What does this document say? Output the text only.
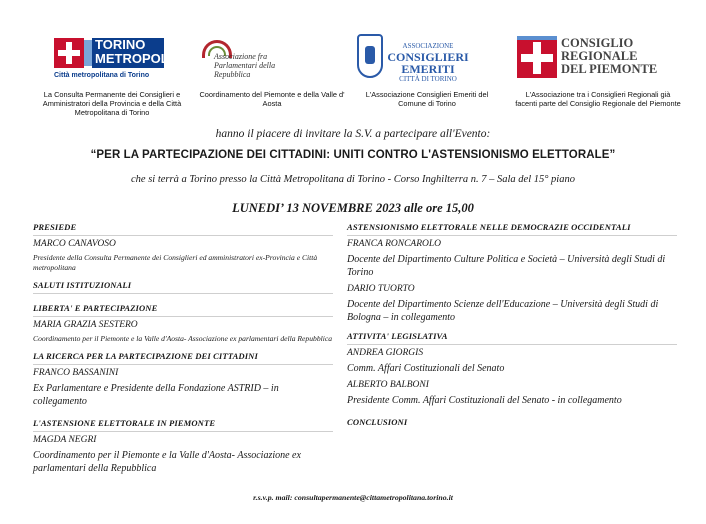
TORINO METROPOLI
Città metropolitana di Torino
Associazione fra Parlamentari della Repubblica
ASSOCIAZIONE
CONSIGLIERI EMERITI
CITTÀ DI TORINO
CONSIGLIO REGIONALE DEL PIEMONTE
La Consulta Permanente dei Consiglieri e Amministratori della Provincia e della Città Metropolitana di Torino
Coordinamento del Piemonte e della Valle d' Aosta
L'Associazione Consiglieri Emeriti del Comune di Torino
L'Associazione tra i Consiglieri Regionali già facenti parte del Consiglio Regionale del Piemonte
hanno il piacere di invitare la S.V. a partecipare all'Evento:
“PER LA PARTECIPAZIONE DEI CITTADINI: UNITI CONTRO L'ASTENSIONISMO ELETTORALE”
che si terrà a Torino presso la Città Metropolitana di Torino - Corso Inghilterra n. 7 – Sala del 15° piano
LUNEDI’ 13 NOVEMBRE 2023 alle ore 15,00
PRESIEDE
MARCO CANAVOSO
Presidente della Consulta Permanente dei Consiglieri ed amministratori ex-Provincia e Città metropolitana
SALUTI ISTITUZIONALI
LIBERTA' E PARTECIPAZIONE
MARIA GRAZIA SESTERO
Coordinamento per il Piemonte e la Valle d'Aosta- Associazione ex parlamentari della Repubblica
LA RICERCA PER LA PARTECIPAZIONE DEI CITTADINI
FRANCO BASSANINI
Ex Parlamentare e Presidente della Fondazione ASTRID – in collegamento
L'ASTENSIONE ELETTORALE IN PIEMONTE
MAGDA NEGRI
Coordinamento per il Piemonte e la Valle d'Aosta- Associazione ex parlamentari della Repubblica
ASTENSIONISMO ELETTORALE NELLE DEMOCRAZIE OCCIDENTALI
FRANCA RONCAROLO
Docente del Dipartimento Culture Politica e Società – Università degli Studi di Torino
DARIO TUORTO
Docente del Dipartimento Scienze dell'Educazione – Università degli Studi di Bologna – in collegamento
ATTIVITA' LEGISLATIVA
ANDREA GIORGIS
Comm. Affari Costituzionali del Senato
ALBERTO BALBONI
Presidente Comm. Affari Costituzionali del Senato - in collegamento
CONCLUSIONI
r.s.v.p. mail: consultapermanente@cittametropolitana.torino.it
